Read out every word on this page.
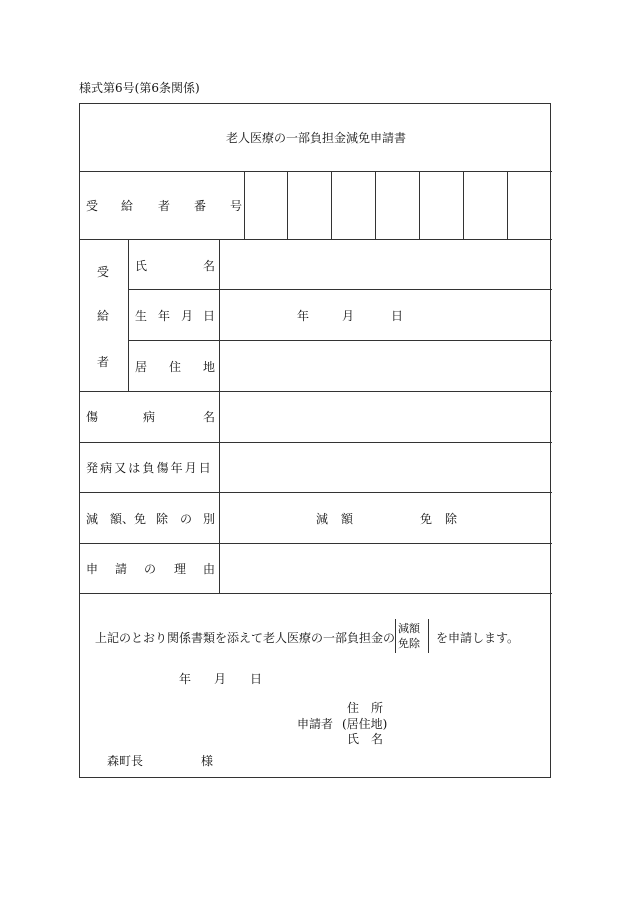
様式第6号(第6条関係)
老人医療の一部負担金減免申請書
受 給 者 番 号
受
給
者
氏	名
生 年 月 日	年	月	日
居 住 地
傷	病	名
発病又は負傷年月日
減 額、免 除 の 別	減 額	免 除
申 請 の 理 由
上記のとおり関係書類を添えて老人医療の一部負担金の
減額
免除 を申請します。
年 月 日
住　所
申請者 (居住地)
氏　名
森町長	様
